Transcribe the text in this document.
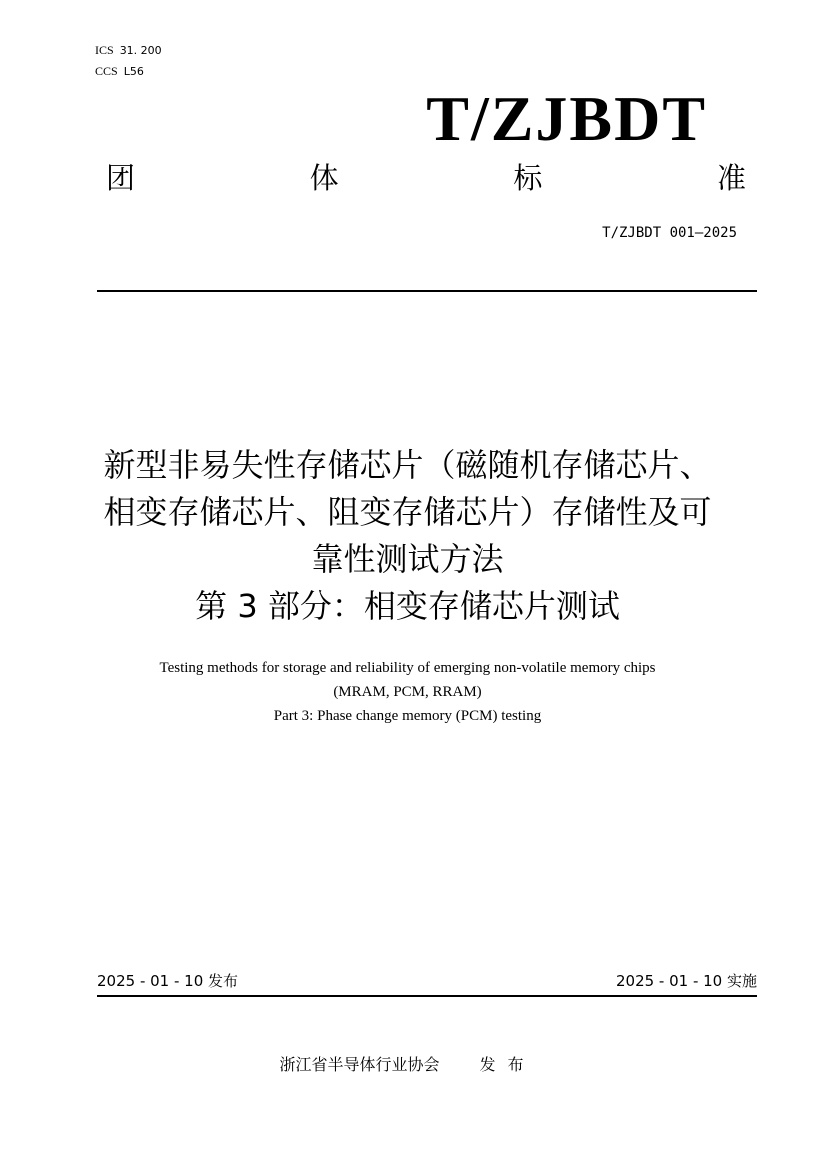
ICS 31. 200
CCS L56
T/ZJBDT
团	体	标	准
T/ZJBDT 001—2025
新型非易失性存储芯片（磁随机存储芯片、
相变存储芯片、阻变存储芯片）存储性及可
靠性测试方法
第 3 部分：相变存储芯片测试
Testing methods for storage and reliability of emerging non-volatile memory chips
(MRAM, PCM, RRAM)
Part 3: Phase change memory (PCM) testing
2025 - 01 - 10 发布	2025 - 01 - 10 实施
浙江省半导体行业协会	发布
